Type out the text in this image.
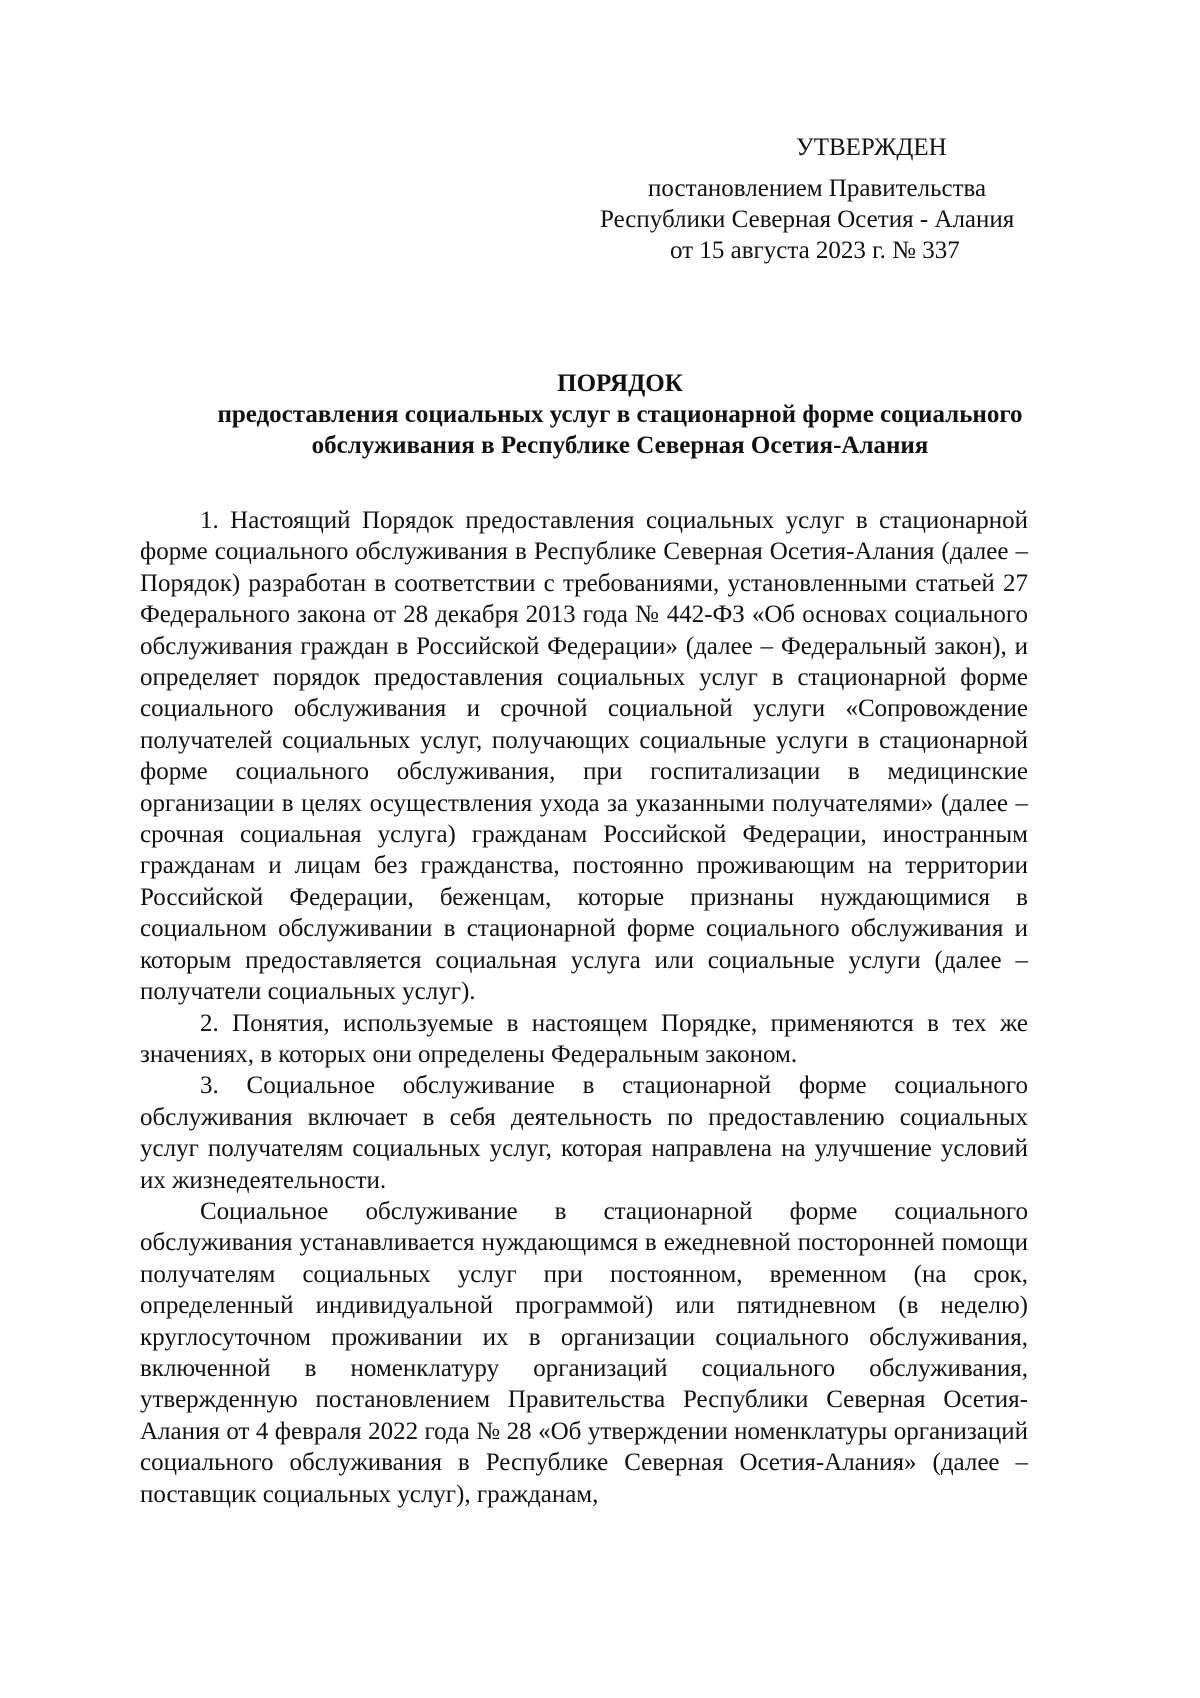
УТВЕРЖДЕН
постановлением Правительства
Республики Северная Осетия - Алания
от 15 августа 2023 г. № 337
ПОРЯДОК
предоставления социальных услуг в стационарной форме социального обслуживания в Республике Северная Осетия-Алания

1. Настоящий Порядок предоставления социальных услуг в стационарной форме социального обслуживания в Республике Северная Осетия-Алания (далее – Порядок) разработан в соответствии с требованиями, установленными статьей 27 Федерального закона от 28 декабря 2013 года № 442-ФЗ «Об основах социального обслуживания граждан в Российской Федерации» (далее – Федеральный закон), и определяет порядок предоставления социальных услуг в стационарной форме социального обслуживания и срочной социальной услуги «Сопровождение получателей социальных услуг, получающих социальные услуги в стационарной форме социального обслуживания, при госпитализации в медицинские организации в целях осуществления ухода за указанными получателями» (далее – срочная социальная услуга) гражданам Российской Федерации, иностранным гражданам и лицам без гражданства, постоянно проживающим на территории Российской Федерации, беженцам, которые признаны нуждающимися в социальном обслуживании в стационарной форме социального обслуживания и которым предоставляется социальная услуга или социальные услуги (далее – получатели социальных услуг).

2. Понятия, используемые в настоящем Порядке, применяются в тех же значениях, в которых они определены Федеральным законом.

3. Социальное обслуживание в стационарной форме социального обслуживания включает в себя деятельность по предоставлению социальных услуг получателям социальных услуг, которая направлена на улучшение условий их жизнедеятельности.

Социальное обслуживание в стационарной форме социального обслуживания устанавливается нуждающимся в ежедневной посторонней помощи получателям социальных услуг при постоянном, временном (на срок, определенный индивидуальной программой) или пятидневном (в неделю) круглосуточном проживании их в организации социального обслуживания, включенной в номенклатуру организаций социального обслуживания, утвержденную постановлением Правительства Республики Северная Осетия-Алания от 4 февраля 2022 года № 28 «Об утверждении номенклатуры организаций социального обслуживания в Республике Северная Осетия-Алания» (далее – поставщик социальных услуг), гражданам,
